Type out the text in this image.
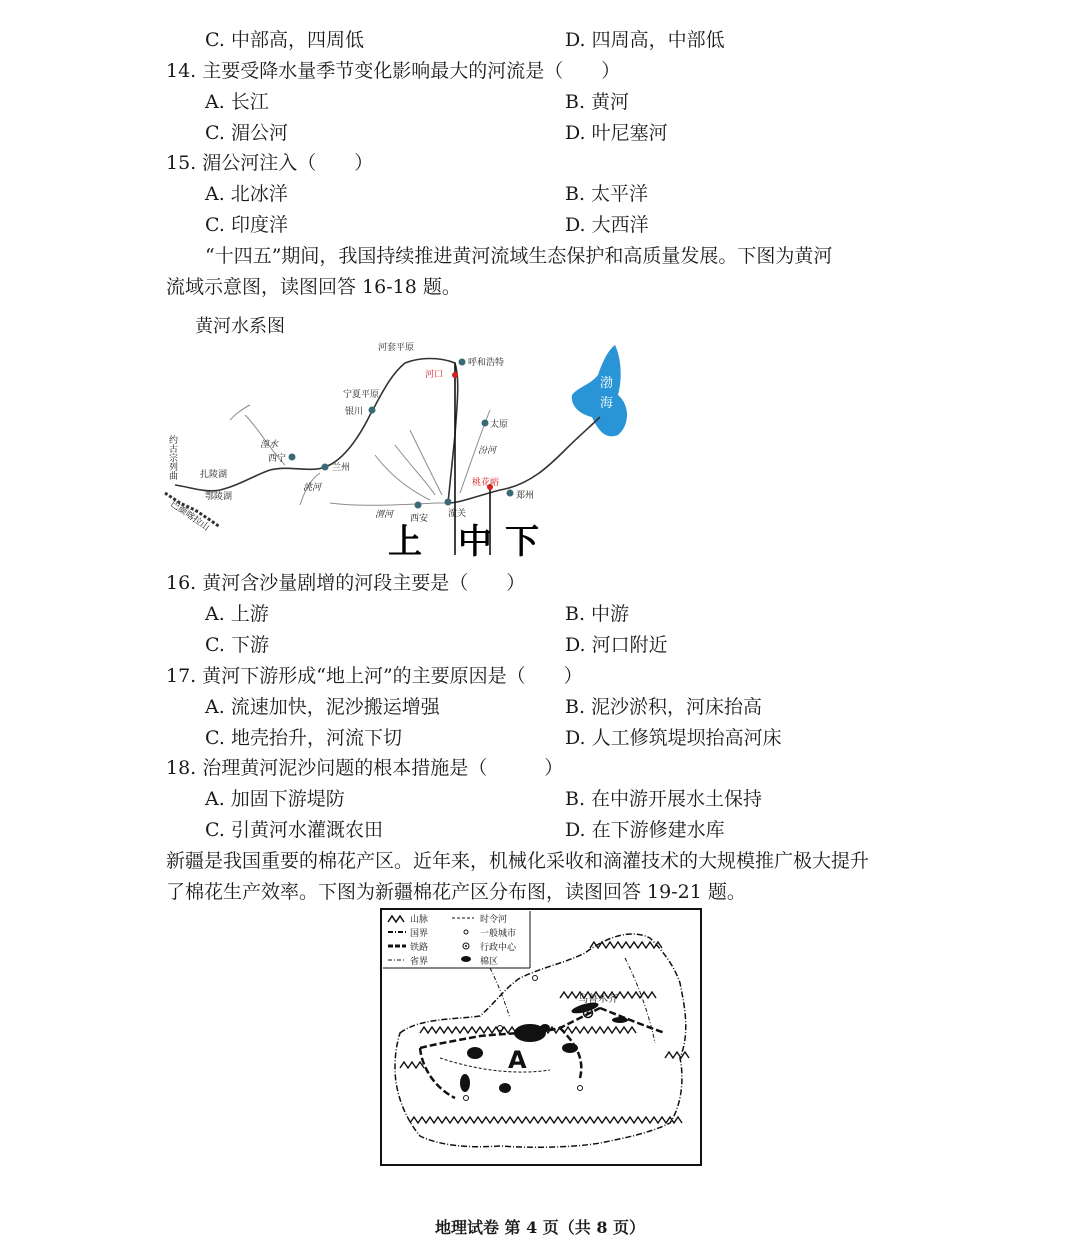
C. 中部高，四周低	D. 四周高，中部低
14. 主要受降水量季节变化影响最大的河流是（　　）
A. 长江	B. 黄河
C. 湄公河	D. 叶尼塞河
15. 湄公河注入（　　）
A. 北冰洋	B. 太平洋
C. 印度洋	D. 大西洋
“十四五”期间，我国持续推进黄河流域生态保护和高质量发展。下图为黄河
流域示意图，读图回答 16-18 题。
黄河水系图
渤
海
河套平原
呼和浩特
宁夏平原
银川
太原
汾河
湟水
西宁
兰州
洮河
郑州
西安 潼关
渭河
扎陵湖
鄂陵湖
河口
桃花峪
约古宗列曲
巴颜喀拉山
上 中 下
16. 黄河含沙量剧增的河段主要是（　　）
A. 上游	B. 中游
C. 下游	D. 河口附近
17. 黄河下游形成“地上河”的主要原因是（　　）
A. 流速加快，泥沙搬运增强	B. 泥沙淤积，河床抬高
C. 地壳抬升，河流下切	D. 人工修筑堤坝抬高河床
18. 治理黄河泥沙问题的根本措施是（　　　）
A. 加固下游堤防	B. 在中游开展水土保持
C. 引黄河水灌溉农田	D. 在下游修建水库
新疆是我国重要的棉花产区。近年来，机械化采收和滴灌技术的大规模推广极大提升
了棉花生产效率。下图为新疆棉花产区分布图，读图回答 19-21 题。
山脉	时令河
国界	一般城市
铁路	行政中心
省界	棉区
乌鲁木齐
A
地理试卷 第 4 页（共 8 页）
